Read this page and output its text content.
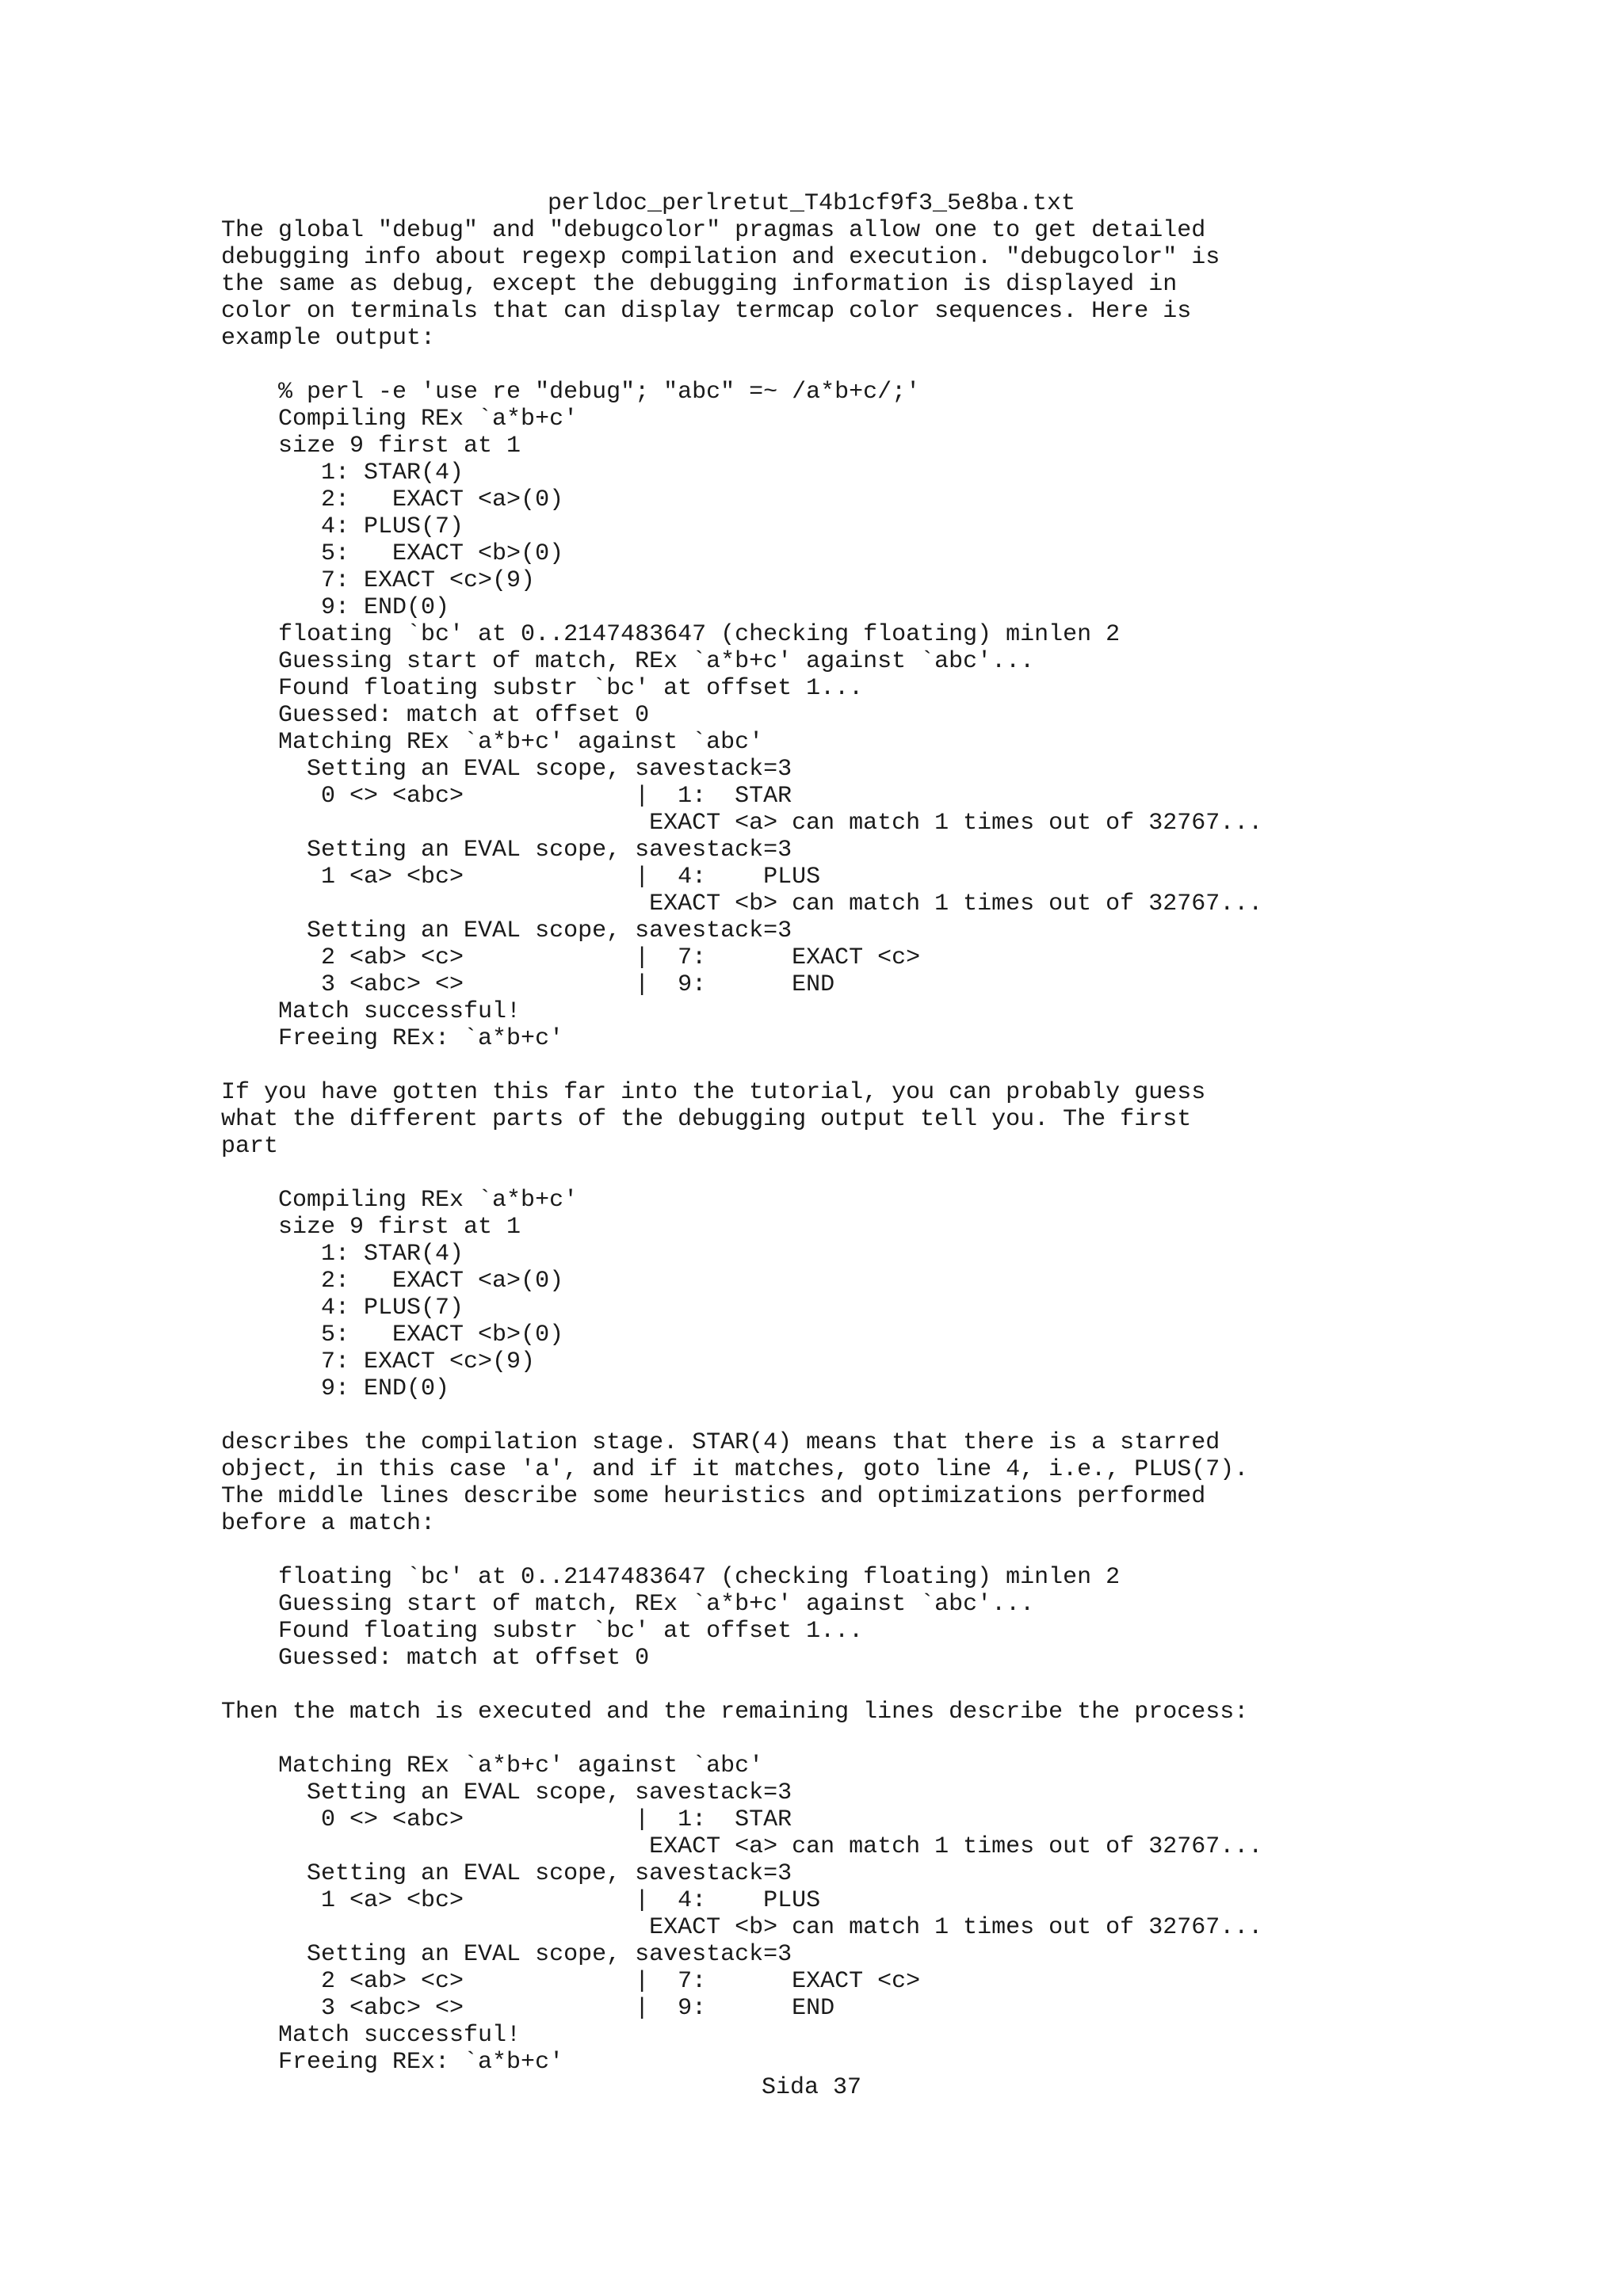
perldoc_perlretut_T4b1cf9f3_5e8ba.txt
The global "debug" and "debugcolor" pragmas allow one to get detailed
debugging info about regexp compilation and execution. "debugcolor" is
the same as debug, except the debugging information is displayed in
color on terminals that can display termcap color sequences. Here is
example output:

% perl -e 'use re "debug"; "abc" =~ /a*b+c/;'
Compiling REx `a*b+c'
size 9 first at 1
1: STAR(4)
2:   EXACT <a>(0)
4: PLUS(7)
5:   EXACT <b>(0)
7: EXACT <c>(9)
9: END(0)
floating `bc' at 0..2147483647 (checking floating) minlen 2
Guessing start of match, REx `a*b+c' against `abc'...
Found floating substr `bc' at offset 1...
Guessed: match at offset 0
Matching REx `a*b+c' against `abc'
Setting an EVAL scope, savestack=3
0 <> <abc>            |  1:  STAR
EXACT <a> can match 1 times out of 32767...
Setting an EVAL scope, savestack=3
1 <a> <bc>            |  4:    PLUS
EXACT <b> can match 1 times out of 32767...
Setting an EVAL scope, savestack=3
2 <ab> <c>            |  7:      EXACT <c>
3 <abc> <>            |  9:      END
Match successful!
Freeing REx: `a*b+c'

If you have gotten this far into the tutorial, you can probably guess
what the different parts of the debugging output tell you. The first
part

Compiling REx `a*b+c'
size 9 first at 1
1: STAR(4)
2:   EXACT <a>(0)
4: PLUS(7)
5:   EXACT <b>(0)
7: EXACT <c>(9)
9: END(0)

describes the compilation stage. STAR(4) means that there is a starred
object, in this case 'a', and if it matches, goto line 4, i.e., PLUS(7).
The middle lines describe some heuristics and optimizations performed
before a match:

floating `bc' at 0..2147483647 (checking floating) minlen 2
Guessing start of match, REx `a*b+c' against `abc'...
Found floating substr `bc' at offset 1...
Guessed: match at offset 0

Then the match is executed and the remaining lines describe the process:

Matching REx `a*b+c' against `abc'
Setting an EVAL scope, savestack=3
0 <> <abc>            |  1:  STAR
EXACT <a> can match 1 times out of 32767...
Setting an EVAL scope, savestack=3
1 <a> <bc>            |  4:    PLUS
EXACT <b> can match 1 times out of 32767...
Setting an EVAL scope, savestack=3
2 <ab> <c>            |  7:      EXACT <c>
3 <abc> <>            |  9:      END
Match successful!
Freeing REx: `a*b+c'
Sida 37
